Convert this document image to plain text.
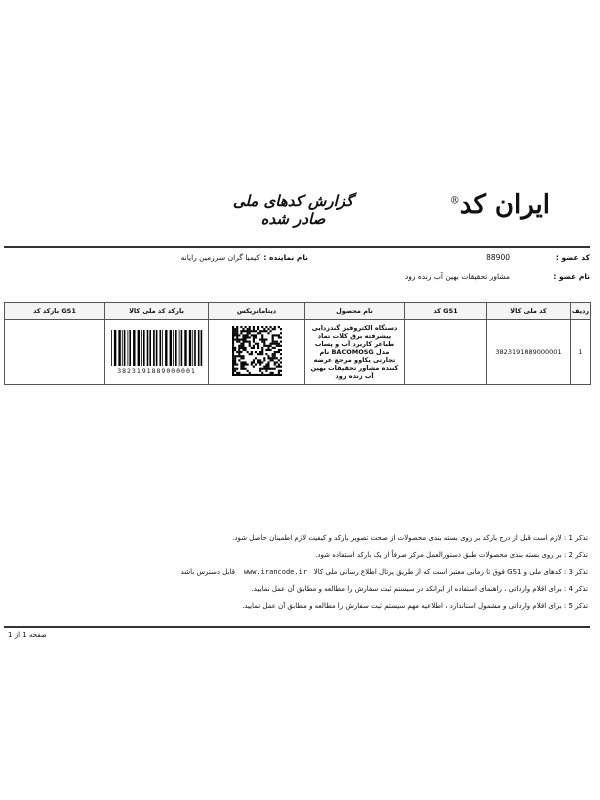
ایران کد®
گزارش کدهای ملی صادر شده
کد عضو :
88900
نام نماینده :
کیمیا گران سرزمین رایانه
نام عضو :
مشاور تحقیقات بهین آب زنده رود
بارکد کد GS1	بارکد کد ملی کالا	دیتاماتریکس	نام محصول	کد GS1	کد ملی کالا	ردیف

	3823191889000001		دستگاه الکتروفیز گندزدایی پیشرفته برق کلات تماد طباعر کاربرد آب و پساب مدل BACOMOSG نام تجارتی یکاوو مرجع عرضه کننده مشاور تحقیقات بهین آب زنده رود		3823191889000001	1
تذکر 1 : لازم است قبل از درج بارکد بر روی بسته بندی محصولات از صحت تصویر بارکد و کیفیت لازم اطمینان حاصل شود.
تذکر 2 : بر روی بسته بندی محصولات طبق دستورالعمل مرکز صرفاً از یک بارکد استفاده شود.
تذکر 3 : کدهای ملی و GS1 فوق تا زمانی معتبر است که از طریق پرتال اطلاع رسانی ملی کالا   www.irancode.ir    قابل دسترس باشد
تذکر 4 : برای اقلام وارداتی ، راهنمای استفاده از ایرانکد در سیستم ثبت سفارش را مطالعه و مطابق آن عمل نمایید.
تذکر 5 : برای اقلام وارداتی و مشمول استاندارد ، اطلاعیه مهم سیستم ثبت سفارش را مطالعه و مطابق آن عمل نمایید.
صفحه 1 از 1
